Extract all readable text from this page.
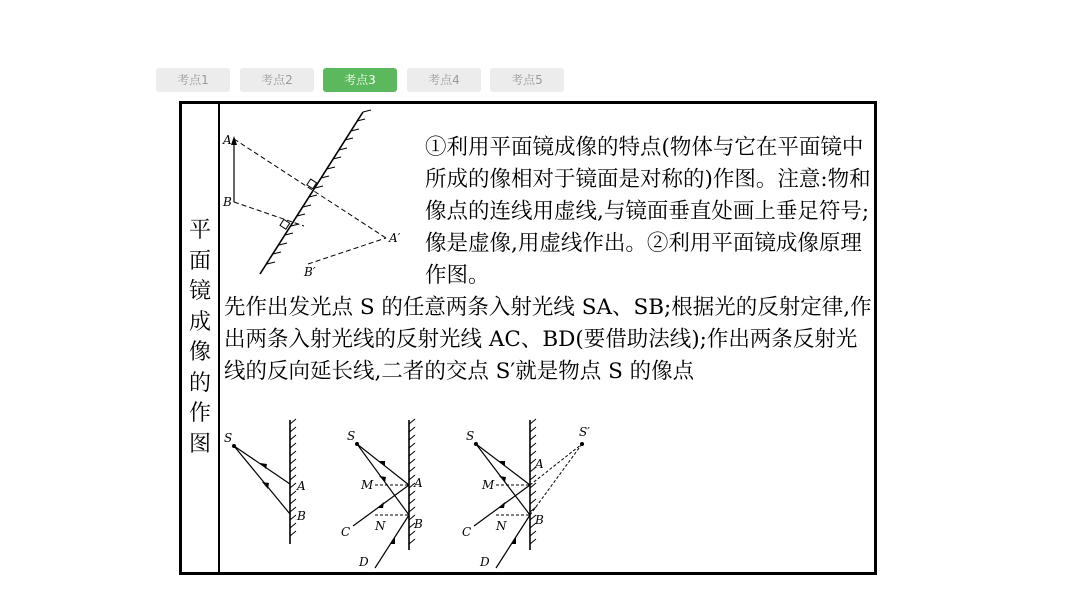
考点1	考点2	考点3	考点4	考点5
平
面
镜
成
像
的
作
图
A
B
A′
B′

①利用平面镜成像的特点(物体与它在平面镜中所成的像相对于镜面是对称的)作图。注意:物和像点的连线用虚线,与镜面垂直处画上垂足符号;像是虚像,用虚线作出。②利用平面镜成像原理作图。

先作出发光点 S 的任意两条入射光线 SA、SB;根据光的反射定律,作出两条入射光线的反射光线 AC、BD(要借助法线);作出两条反射光线的反向延长线,二者的交点 S′就是物点 S 的像点

S
A
B
S
A
B
M
N
C
D
S	S′
A
B
M
N
C
D
